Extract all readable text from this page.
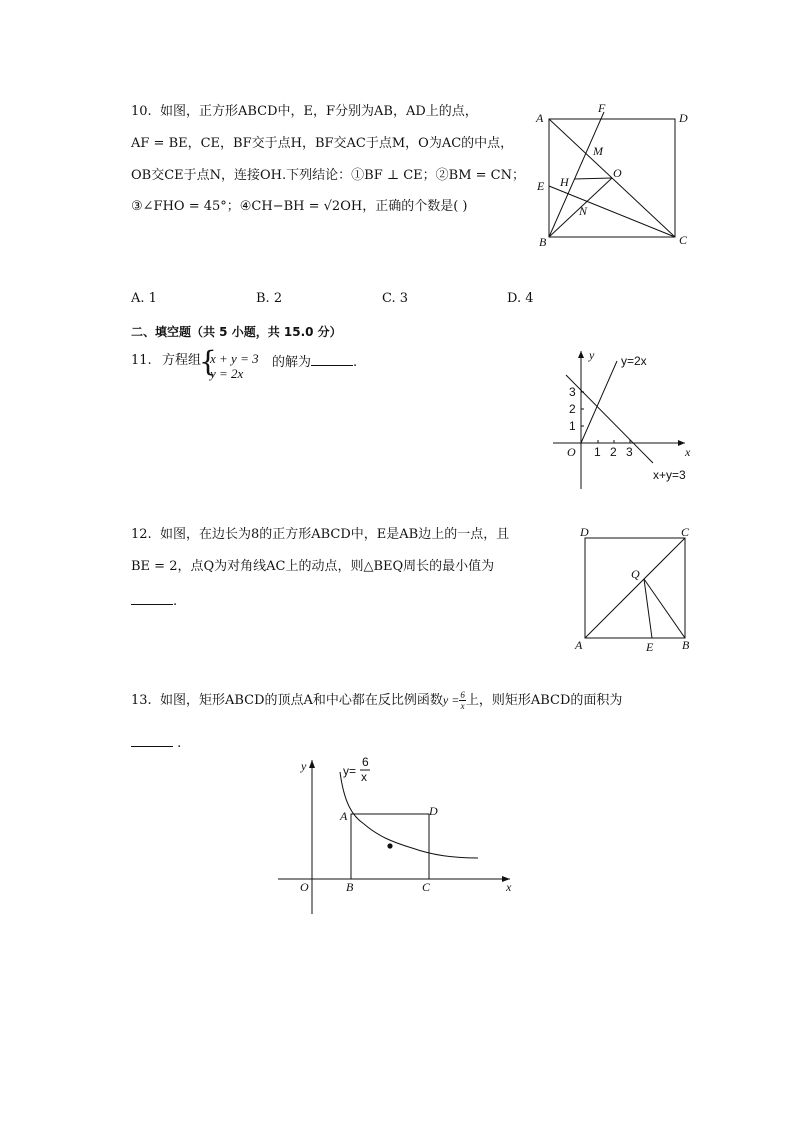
10. 如图，正方形ABCD中，E，F分别为AB，AD上的点，
AF = BE，CE，BF交于点H，BF交AC于点M，O为AC的中点，
OB交CE于点N，连接OH.下列结论：①BF ⊥ CE；②BM = CN；
③∠FHO = 45°；④CH−BH = √2OH，正确的个数是( )
A	D
B	C
E
F
M
O
H
N
A. 1	B. 2	C. 3	D. 4
二、填空题（共 5 小题，共 15.0 分）
11. 方程组
{
x + y = 3
y = 2x
的解为	.	y
x
O
y=2x
x+y=3
1 2 3
1
2
3
12. 如图，在边长为8的正方形ABCD中，E是AB边上的一点，且
BE = 2，点Q为对角线AC上的动点，则△BEQ周长的最小值为
.
D	C
A	B
E
Q
13. 如图，矩形ABCD的顶点A和中心都在反比例函数$y = \frac{6}{x}$ 上，则矩形ABCD的面积为
.
y
x
O
A	D
B	C
y=
6
x
